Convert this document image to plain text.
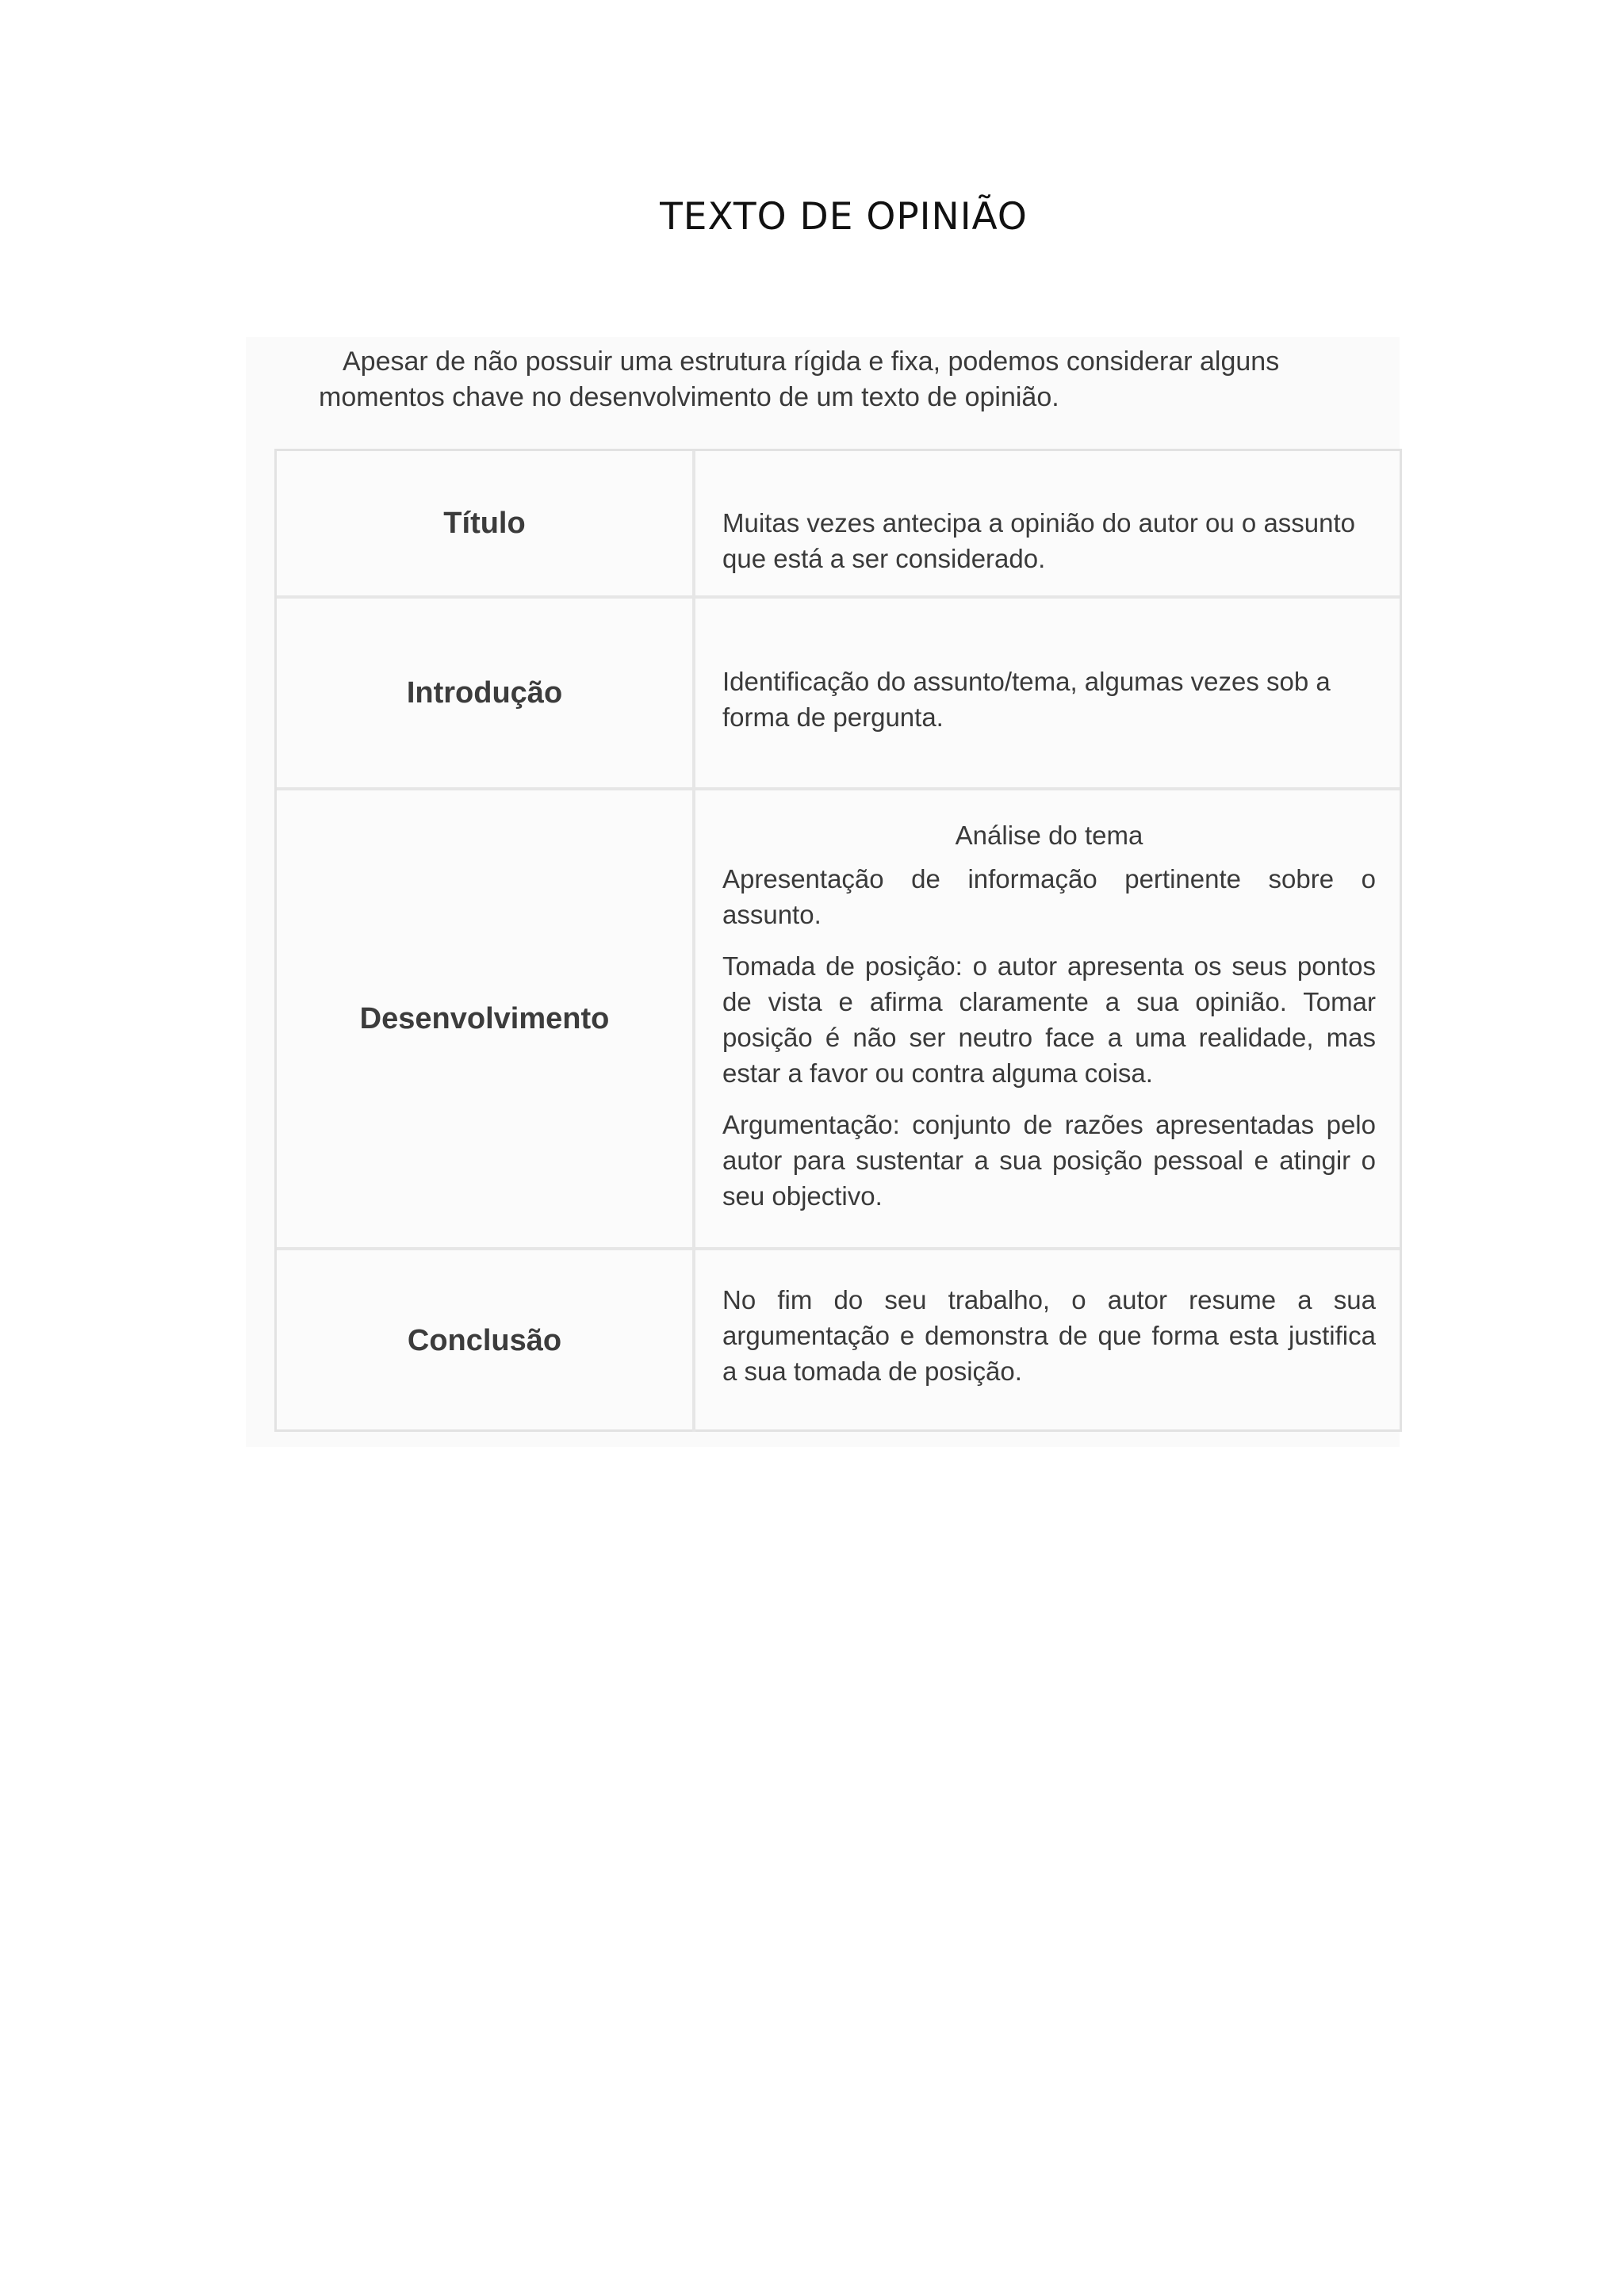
TEXTO DE OPINIÃO

Apesar de não possuir uma estrutura rígida e fixa, podemos considerar alguns momentos chave no desenvolvimento de um texto de opinião.

Título	Muitas vezes antecipa a opinião do autor ou o assunto que está a ser considerado.

Introdução	Identificação do assunto/tema, algumas vezes sob a forma de pergunta.

Desenvolvimento

Análise do tema

Apresentação de informação pertinente sobre o assunto.

Tomada de posição: o autor apresenta os seus pontos de vista e afirma claramente a sua opinião. Tomar posição é não ser neutro face a uma realidade, mas estar a favor ou contra alguma coisa.

Argumentação: conjunto de razões apresentadas pelo autor para sustentar a sua posição pessoal e atingir o seu objectivo.

Conclusão

No fim do seu trabalho, o autor resume a sua argumentação e demonstra de que forma esta justifica a sua tomada de posição.
